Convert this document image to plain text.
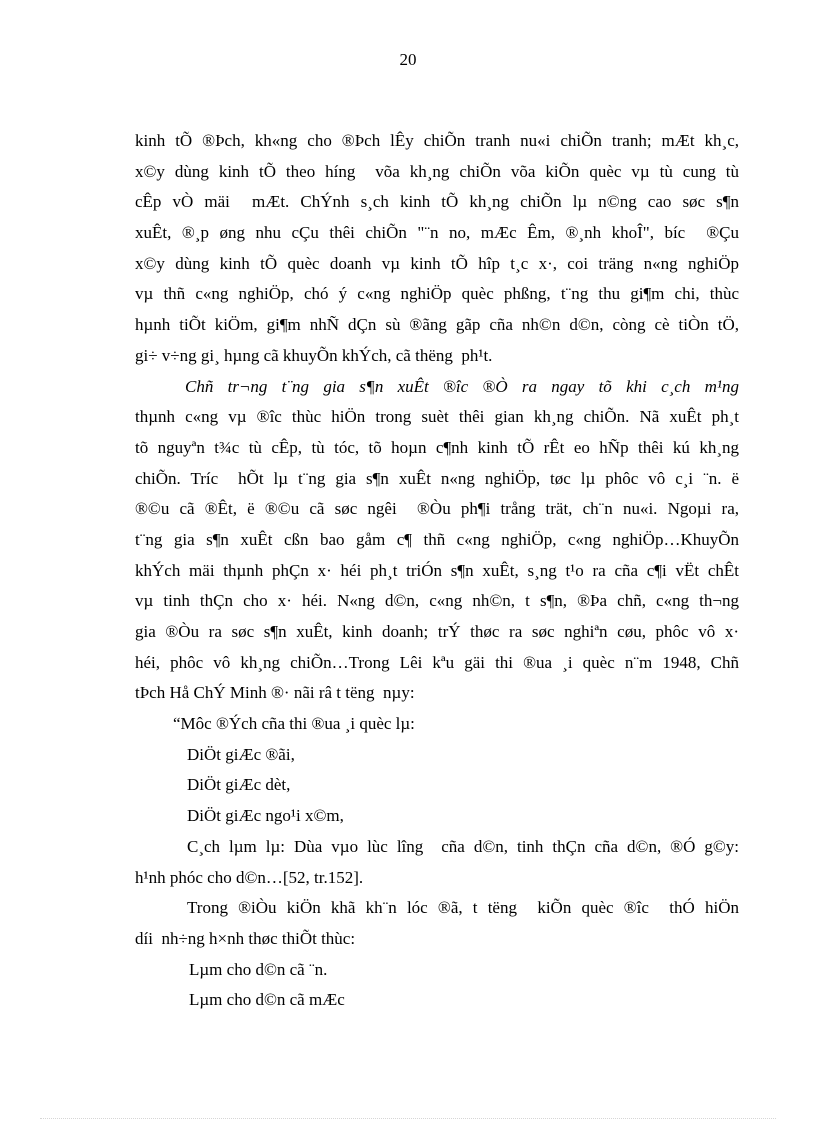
20
kinh tÕ ®Þch, kh«ng cho ®Þch lÊy chiÕn tranh nu«i chiÕn tranh; mÆt kh¸c,
x©y dùng kinh tÕ theo híng  võa kh¸ng chiÕn võa kiÕn quèc vµ tù cung tù
cÊp vÒ mäi  mÆt. ChÝnh s¸ch kinh tÕ kh¸ng chiÕn lµ n©ng cao søc s¶n
xuÊt, ®¸p øng nhu cÇu thêi chiÕn "¨n no, mÆc Êm, ®¸nh khoÎ", bíc  ®Çu
x©y dùng kinh tÕ quèc doanh vµ kinh tÕ hîp t¸c x·, coi träng n«ng nghiÖp
vµ thñ c«ng nghiÖp, chó ý c«ng nghiÖp quèc phßng, t¨ng thu gi¶m chi, thùc
hµnh tiÕt kiÖm, gi¶m nhÑ dÇn sù ®ãng gãp cña nh©n d©n, còng cè tiÒn tÖ,
gi÷ v÷ng gi¸ hµng cã khuyÕn khÝch, cã thëng  ph¹t.
Chñ tr¬ng t¨ng gia s¶n xuÊt ®îc ®Ò ra ngay tõ khi c¸ch m¹ng
thµnh c«ng vµ ®îc thùc hiÖn trong suèt thêi gian kh¸ng chiÕn. Nã xuÊt ph¸t
tõ nguyªn t¾c tù cÊp, tù tóc, tõ hoµn c¶nh kinh tÕ rÊt eo hÑp thêi kú kh¸ng
chiÕn. Tríc  hÕt lµ t¨ng gia s¶n xuÊt n«ng nghiÖp, tøc lµ phôc vô c¸i ¨n. ë
®©u cã ®Êt, ë ®©u cã søc ngêi  ®Òu ph¶i trång trät, ch¨n nu«i. Ngoµi ra,
t¨ng gia s¶n xuÊt cßn bao gåm c¶ thñ c«ng nghiÖp, c«ng nghiÖp…KhuyÕn
khÝch mäi thµnh phÇn x· héi ph¸t triÓn s¶n xuÊt, s¸ng t¹o ra cña c¶i vËt chÊt
vµ tinh thÇn cho x· héi. N«ng d©n, c«ng nh©n, t s¶n, ®Þa chñ, c«ng th¬ng
gia ®Òu ra søc s¶n xuÊt, kinh doanh; trÝ thøc ra søc nghiªn cøu, phôc vô x·
héi, phôc vô kh¸ng chiÕn…Trong Lêi kªu gäi thi ®ua ¸i quèc n¨m 1948, Chñ
tÞch Hå ChÝ Minh ®· nãi râ t tëng  nµy:
“Môc ®Ých cña thi ®ua ¸i quèc lµ:
DiÖt giÆc ®ãi,
DiÖt giÆc dèt,
DiÖt giÆc ngo¹i x©m,
C¸ch lµm lµ: Dùa vµo lùc lîng  cña d©n, tinh thÇn cña d©n, ®Ó g©y:
h¹nh phóc cho d©n…[52, tr.152].
Trong ®iÒu kiÖn khã kh¨n lóc ®ã, t tëng  kiÕn quèc ®îc  thÓ hiÖn
díi  nh÷ng h×nh thøc thiÕt thùc:
Lµm cho d©n cã ¨n.
Lµm cho d©n cã mÆc
